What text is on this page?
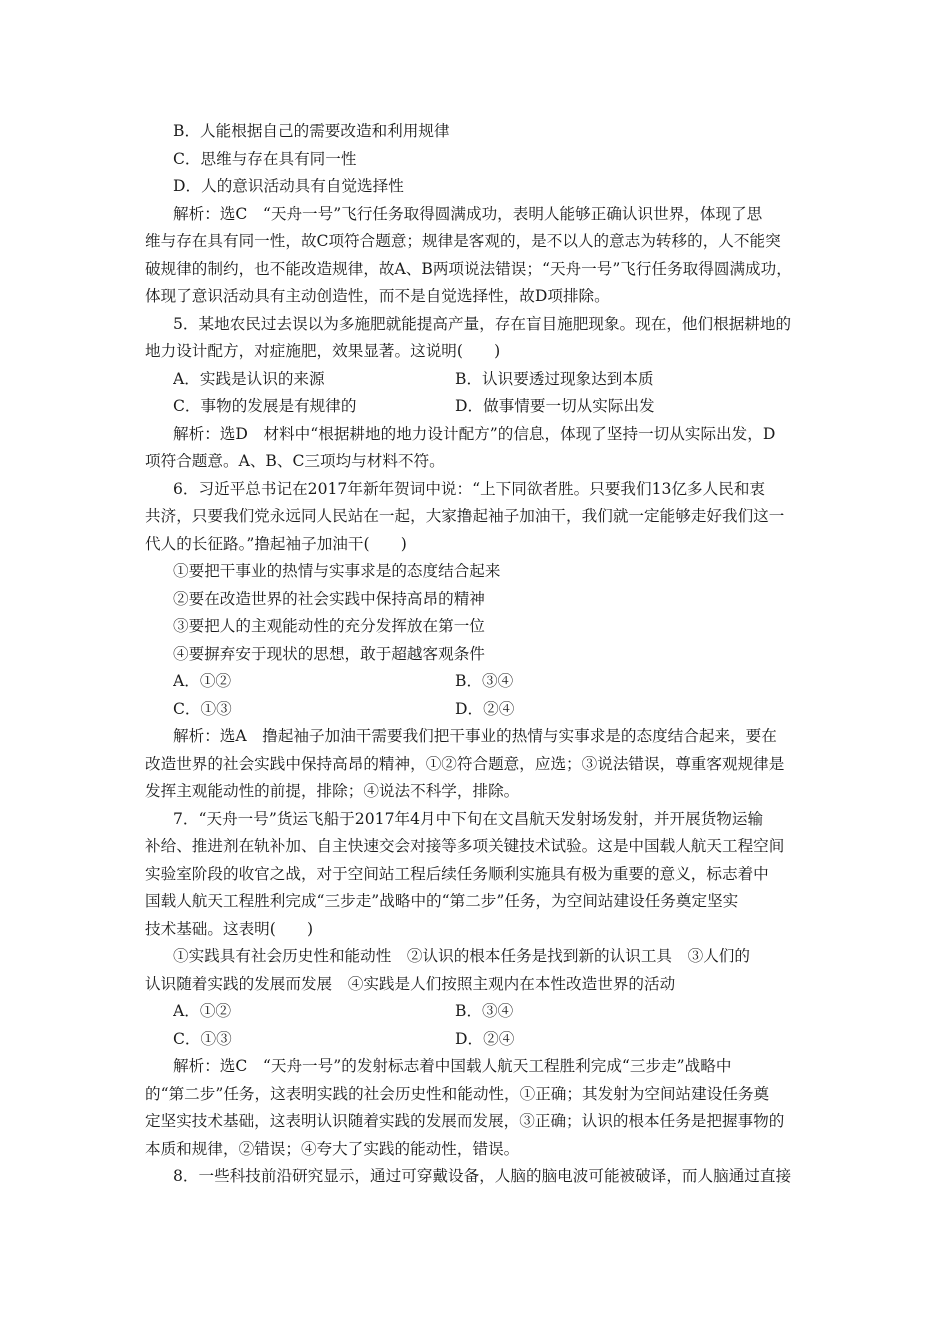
B．人能根据自己的需要改造和利用规律
C．思维与存在具有同一性
D．人的意识活动具有自觉选择性
解析：选C　“天舟一号”飞行任务取得圆满成功，表明人能够正确认识世界，体现了思
维与存在具有同一性，故C项符合题意；规律是客观的，是不以人的意志为转移的，人不能突
破规律的制约，也不能改造规律，故A、B两项说法错误；“天舟一号”飞行任务取得圆满成功，
体现了意识活动具有主动创造性，而不是自觉选择性，故D项排除。
5．某地农民过去误以为多施肥就能提高产量，存在盲目施肥现象。现在，他们根据耕地的
地力设计配方，对症施肥，效果显著。这说明(　　)
A．实践是认识的来源	B．认识要透过现象达到本质
C．事物的发展是有规律的	D．做事情要一切从实际出发
解析：选D　材料中“根据耕地的地力设计配方”的信息，体现了坚持一切从实际出发，D
项符合题意。A、B、C三项均与材料不符。
6．习近平总书记在2017年新年贺词中说：“上下同欲者胜。只要我们13亿多人民和衷
共济，只要我们党永远同人民站在一起，大家撸起袖子加油干，我们就一定能够走好我们这一
代人的长征路。”撸起袖子加油干(　　)
①要把干事业的热情与实事求是的态度结合起来
②要在改造世界的社会实践中保持高昂的精神
③要把人的主观能动性的充分发挥放在第一位
④要摒弃安于现状的思想，敢于超越客观条件
A．①②	B．③④
C．①③	D．②④
解析：选A　撸起袖子加油干需要我们把干事业的热情与实事求是的态度结合起来，要在
改造世界的社会实践中保持高昂的精神，①②符合题意，应选；③说法错误，尊重客观规律是
发挥主观能动性的前提，排除；④说法不科学，排除。
7．“天舟一号”货运飞船于2017年4月中下旬在文昌航天发射场发射，并开展货物运输
补给、推进剂在轨补加、自主快速交会对接等多项关键技术试验。这是中国载人航天工程空间
实验室阶段的收官之战，对于空间站工程后续任务顺利实施具有极为重要的意义，标志着中
国载人航天工程胜利完成“三步走”战略中的“第二步”任务，为空间站建设任务奠定坚实
技术基础。这表明(　　)
①实践具有社会历史性和能动性　②认识的根本任务是找到新的认识工具　③人们的
认识随着实践的发展而发展　④实践是人们按照主观内在本性改造世界的活动
A．①②	B．③④
C．①③	D．②④
解析：选C　“天舟一号”的发射标志着中国载人航天工程胜利完成“三步走”战略中
的“第二步”任务，这表明实践的社会历史性和能动性，①正确；其发射为空间站建设任务奠
定坚实技术基础，这表明认识随着实践的发展而发展，③正确；认识的根本任务是把握事物的
本质和规律，②错误；④夸大了实践的能动性，错误。
8．一些科技前沿研究显示，通过可穿戴设备，人脑的脑电波可能被破译，而人脑通过直接
